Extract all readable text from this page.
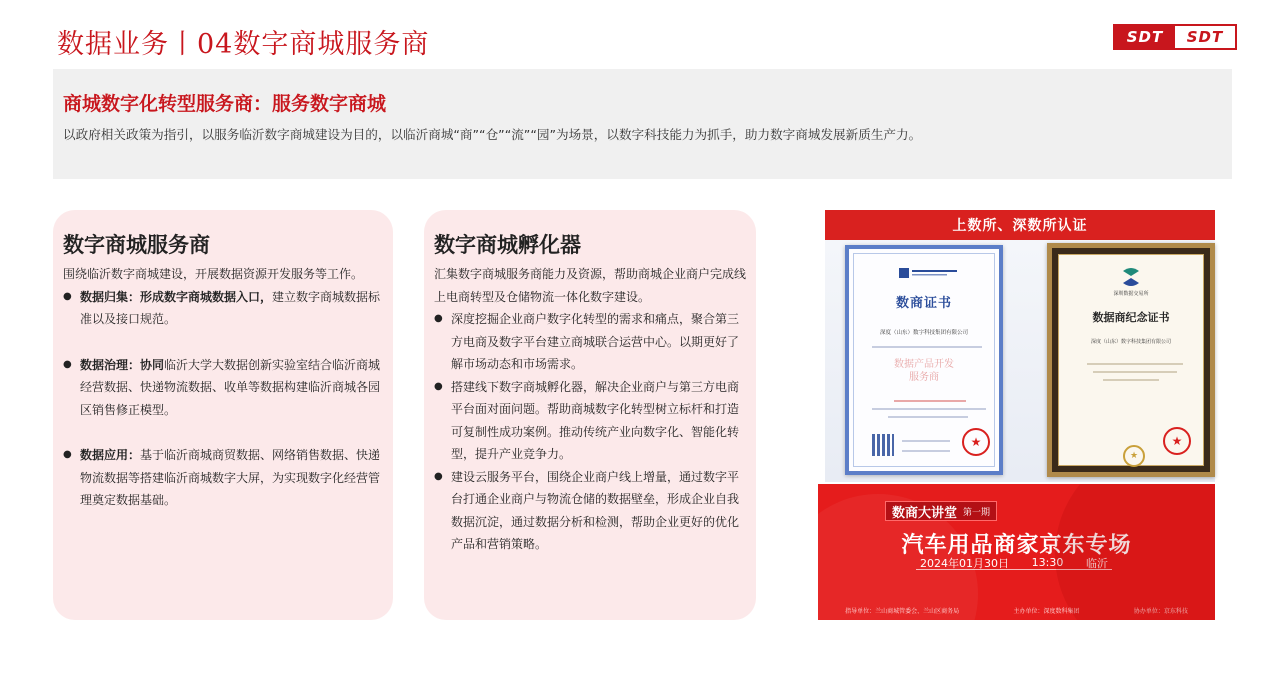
数据业务丨04数字商城服务商	SDT	SDT
商城数字化转型服务商：服务数字商城
以政府相关政策为指引，以服务临沂数字商城建设为目的，以临沂商城“商”“仓”“流”“园”为场景，以数字科技能力为抓手，助力数字商城发展新质生产力。
数字商城服务商
围绕临沂数字商城建设，开展数据资源开发服务等工作。
● 数据归集：形成数字商城数据入口，建立数字商城数据标准以及接口规范。
● 数据治理：协同临沂大学大数据创新实验室结合临沂商城经营数据、快递物流数据、收单等数据构建临沂商城各园区销售修正模型。
● 数据应用：基于临沂商城商贸数据、网络销售数据、快递物流数据等搭建临沂商城数字大屏，为实现数字化经营管理奠定数据基础。
数字商城孵化器
汇集数字商城服务商能力及资源，帮助商城企业商户完成线上电商转型及仓储物流一体化数字建设。
● 深度挖掘企业商户数字化转型的需求和痛点，聚合第三方电商及数字平台建立商城联合运营中心。以期更好了解市场动态和市场需求。
● 搭建线下数字商城孵化器，解决企业商户与第三方电商平台面对面问题。帮助商城数字化转型树立标杆和打造可复制性成功案例。推动传统产业向数字化、智能化转型，提升产业竞争力。
● 建设云服务平台，围绕企业商户线上增量，通过数字平台打通企业商户与物流仓储的数据壁垒，形成企业自我数据沉淀，通过数据分析和检测，帮助企业更好的优化产品和营销策略。
上数所、深数所认证
数商证书
深度（山东）数字科技集团有限公司
数据产品开发
服务商
★
深圳数据交易所
数据商纪念证书
深度（山东）数字科技集团有限公司
★
★
数商大讲堂 第一期
汽车用品商家京东专场
2024年01月30日 13:30 临沂
指导单位：兰山商城管委会、兰山区商务局	主办单位：深度数科集团	协办单位：京东科技
